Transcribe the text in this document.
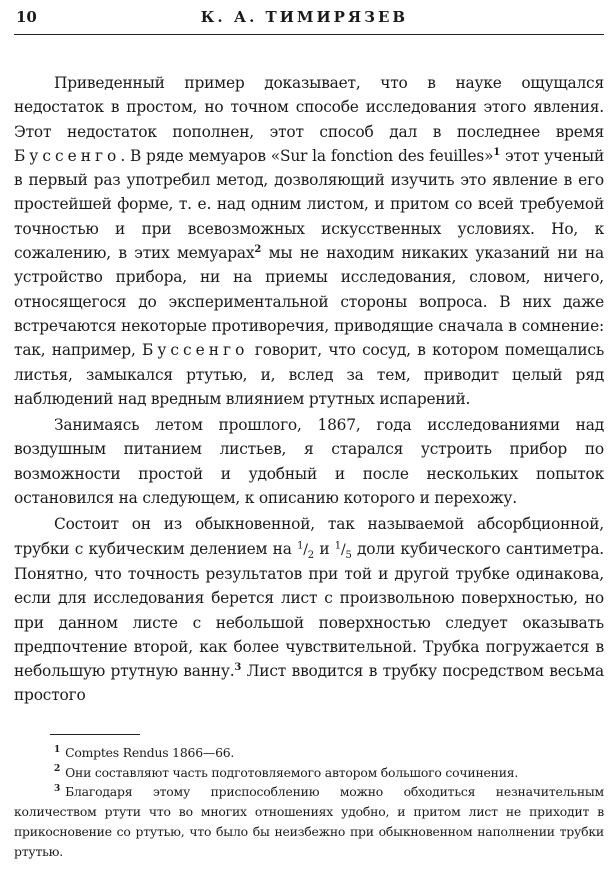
10	К. А. ТИМИРЯЗЕВ

Приведенный пример доказывает, что в науке ощущался недостаток в простом, но точном способе исследования этого явления. Этот недостаток пополнен, этот способ дал в последнее время Буссенго. В ряде мемуаров «Sur la fonction des feuilles»$^1$ этот ученый в первый раз употребил метод, дозволяющий изучить это явление в его простейшей форме, т. е. над одним листом, и притом со всей требуемой точностью и при всевозможных искусственных условиях. Но, к сожалению, в этих мемуарах$^2$ мы не находим никаких указаний ни на устройство прибора, ни на приемы исследования, словом, ничего, относящегося до экспериментальной стороны вопроса. В них даже встречаются некоторые противоречия, приводящие сначала в сомнение: так, например, Буссенго говорит, что сосуд, в котором помещались листья, замыкался ртутью, и, вслед за тем, приводит целый ряд наблюдений над вредным влиянием ртутных испарений.

Занимаясь летом прошлого, 1867, года исследованиями над воздушным питанием листьев, я старался устроить прибор по возможности простой и удобный и после нескольких попыток остановился на следующем, к описанию которого и перехожу.

Состоит он из обыкновенной, так называемой абсорбционной, трубки с кубическим делением на $^1/_2$ и $^1/_5$ доли кубического сантиметра. Понятно, что точность результатов при той и другой трубке одинакова, если для исследования берется лист с произвольною поверхностью, но при данном листе с небольшой поверхностью следует оказывать предпочтение второй, как более чувствительной. Трубка погружается в небольшую ртутную ванну.$^3$ Лист вводится в трубку посредством весьма простого

$^1$ Comptes Rendus 1866—66.

$^2$ Они составляют часть подготовляемого автором большого сочинения.

$^3$ Благодаря этому приспособлению можно обходиться незначительным количеством ртути что во многих отношениях удобно, и притом лист не приходит в прикосновение со ртутью, что было бы неизбежно при обыкновенном наполнении трубки ртутью.
